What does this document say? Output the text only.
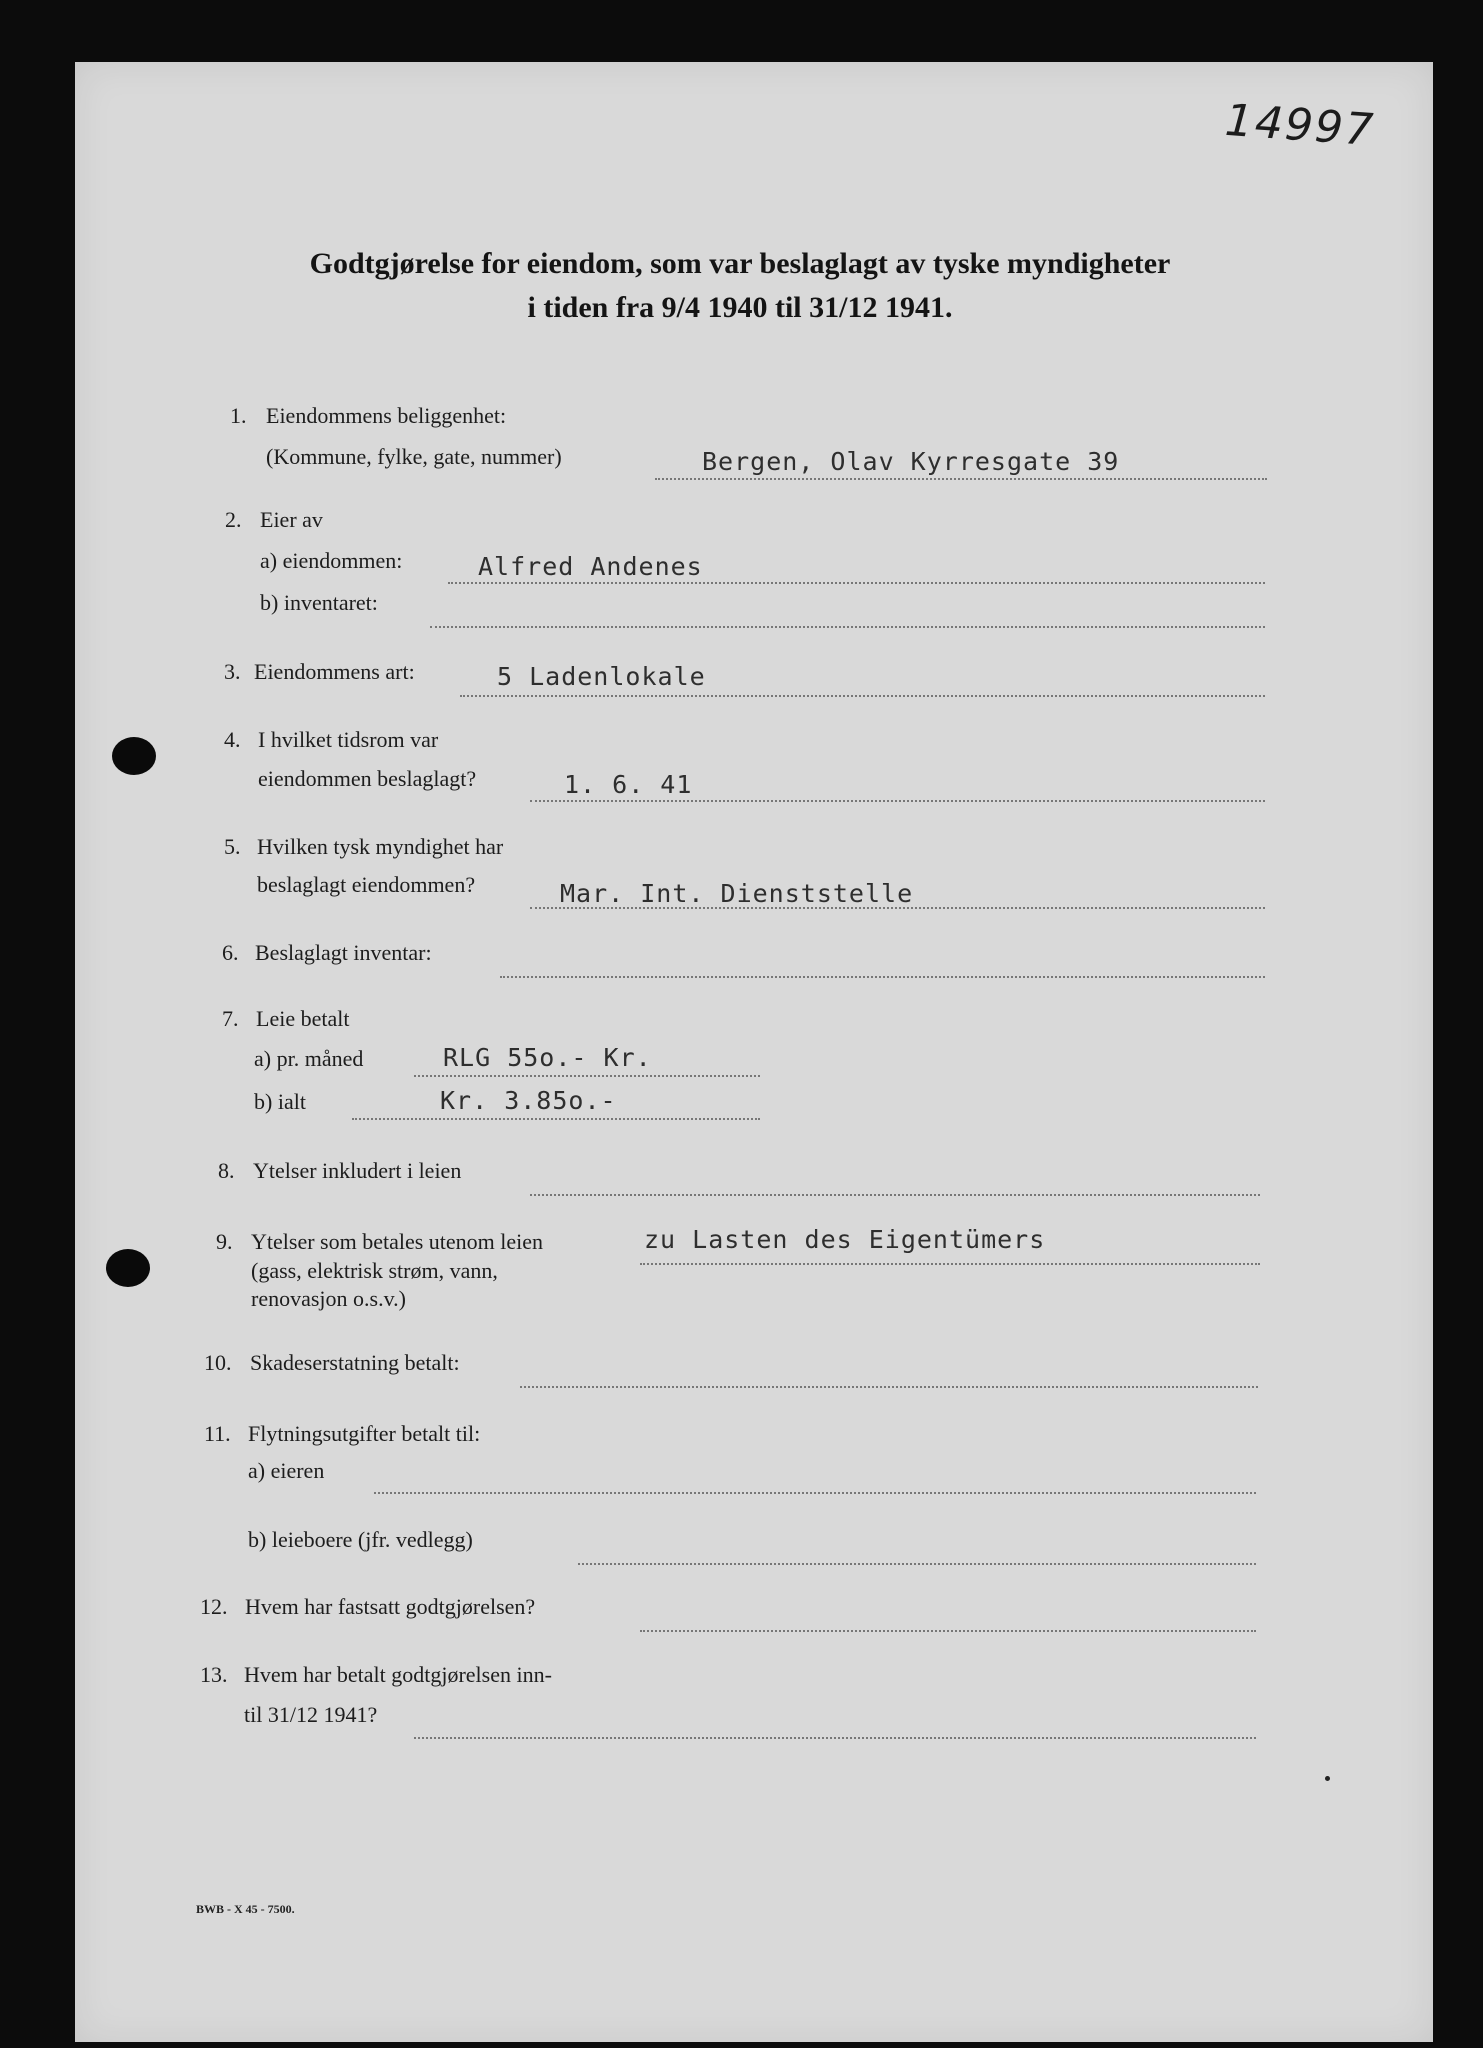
14997
Godtgjørelse for eiendom, som var beslaglagt av tyske myndigheter
i tiden fra 9/4 1940 til 31/12 1941.
1. Eiendommens beliggenhet:
(Kommune, fylke, gate, nummer)	Bergen, Olav Kyrresgate 39
2. Eier av
a) eiendommen:	Alfred Andenes
b) inventaret:
3. Eiendommens art:	5 Ladenlokale
4. I hvilket tidsrom var
eiendommen beslaglagt?	1. 6. 41
5. Hvilken tysk myndighet har
beslaglagt eiendommen?	Mar. Int. Dienststelle
6. Beslaglagt inventar:
7. Leie betalt
a) pr. måned	RLG 55o.- Kr.
b) ialt	Kr. 3.85o.-
8. Ytelser inkludert i leien
9. Ytelser som betales utenom leien
(gass, elektrisk strøm, vann,
renovasjon o.s.v.)
zu Lasten des Eigentümers
10. Skadeserstatning betalt:
11. Flytningsutgifter betalt til:
a) eieren
b) leieboere (jfr. vedlegg)
12. Hvem har fastsatt godtgjørelsen?
13. Hvem har betalt godtgjørelsen inn-
til 31/12 1941?
BWB - X 45 - 7500.
